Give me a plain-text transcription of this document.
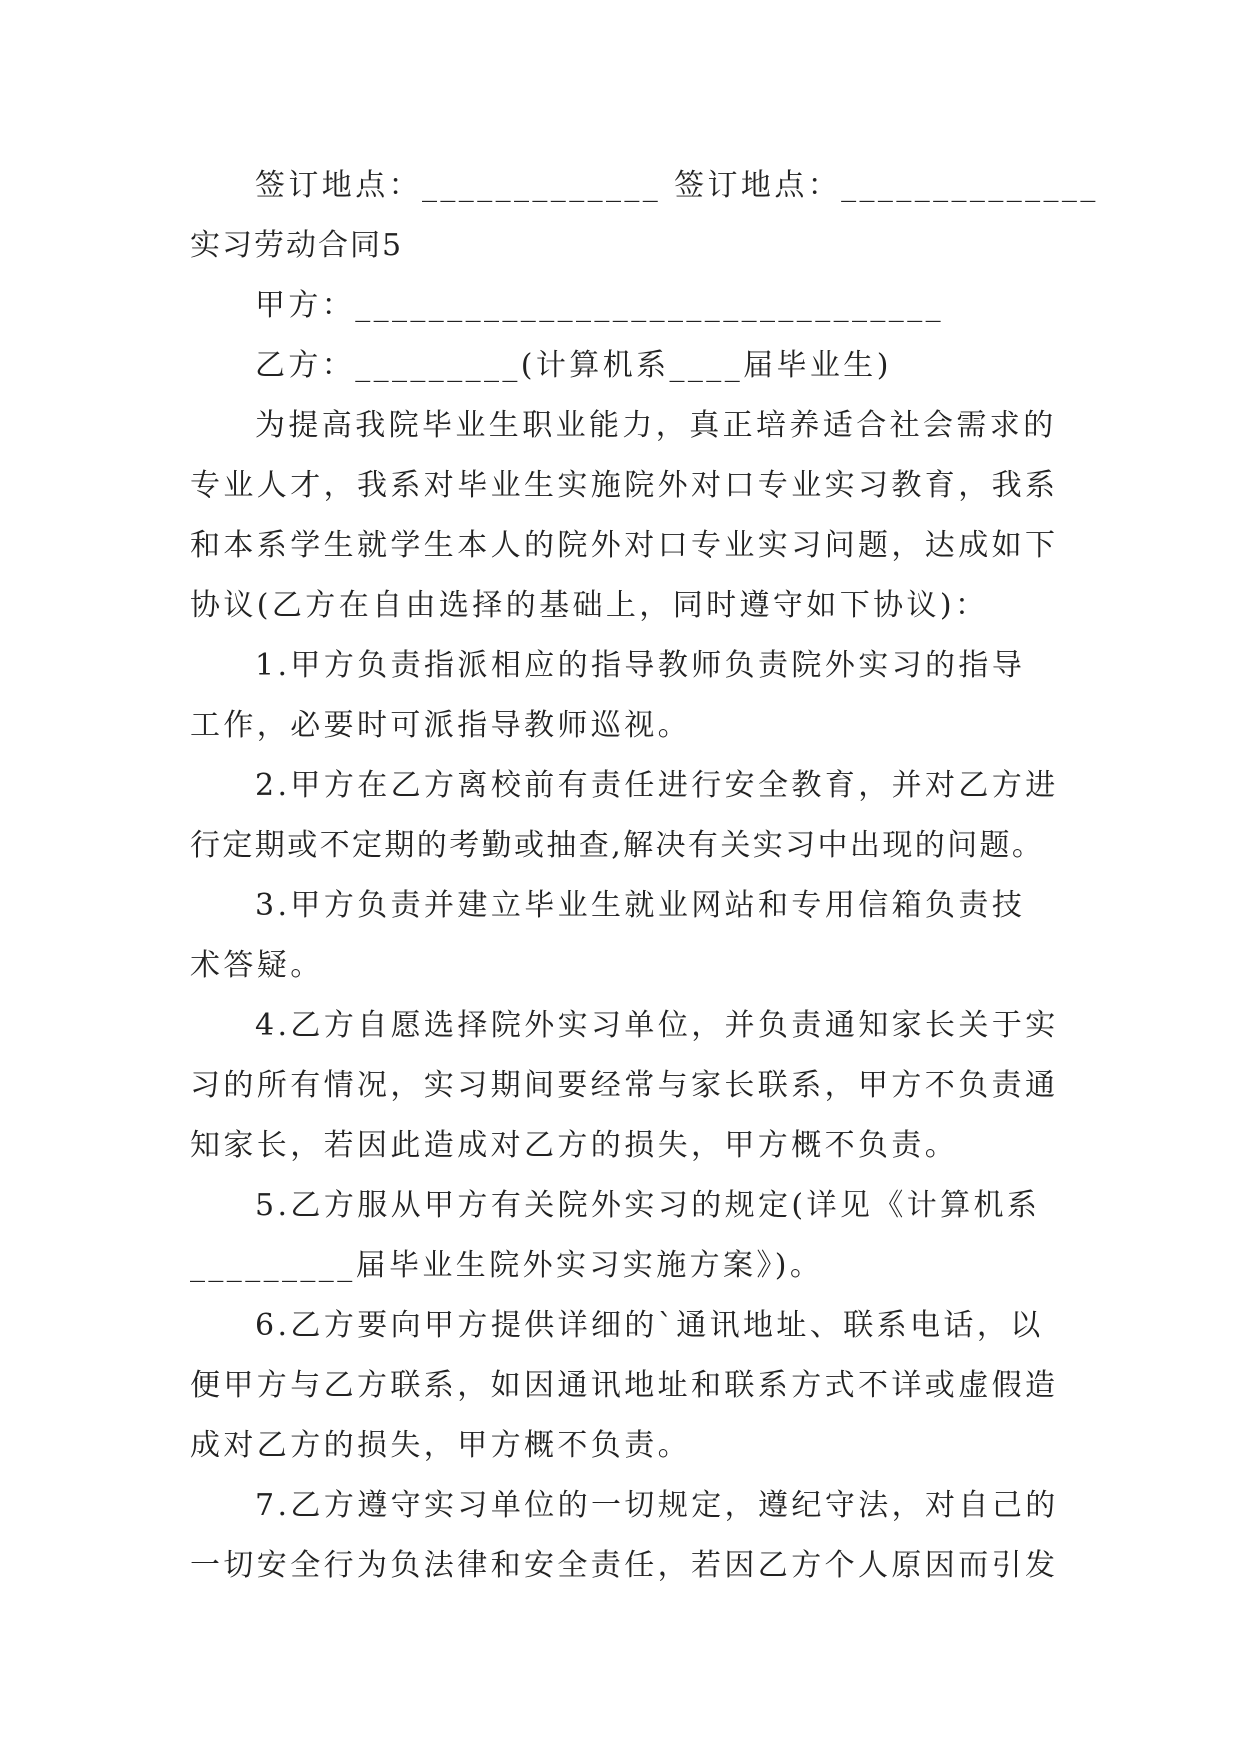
签订地点：_____________ 签订地点：______________
实习劳动合同5
甲方：________________________________
乙方：_________(计算机系____届毕业生)
为提高我院毕业生职业能力，真正培养适合社会需求的
专业人才，我系对毕业生实施院外对口专业实习教育，我系
和本系学生就学生本人的院外对口专业实习问题，达成如下
协议(乙方在自由选择的基础上，同时遵守如下协议)：
1.甲方负责指派相应的指导教师负责院外实习的指导
工作，必要时可派指导教师巡视。
2.甲方在乙方离校前有责任进行安全教育，并对乙方进
行定期或不定期的考勤或抽查,解决有关实习中出现的问题。
3.甲方负责并建立毕业生就业网站和专用信箱负责技
术答疑。
4.乙方自愿选择院外实习单位，并负责通知家长关于实
习的所有情况，实习期间要经常与家长联系，甲方不负责通
知家长，若因此造成对乙方的损失，甲方概不负责。
5.乙方服从甲方有关院外实习的规定(详见《计算机系
_________届毕业生院外实习实施方案》)。
6.乙方要向甲方提供详细的`通讯地址、联系电话，以
便甲方与乙方联系，如因通讯地址和联系方式不详或虚假造
成对乙方的损失，甲方概不负责。
7.乙方遵守实习单位的一切规定，遵纪守法，对自己的
一切安全行为负法律和安全责任，若因乙方个人原因而引发
